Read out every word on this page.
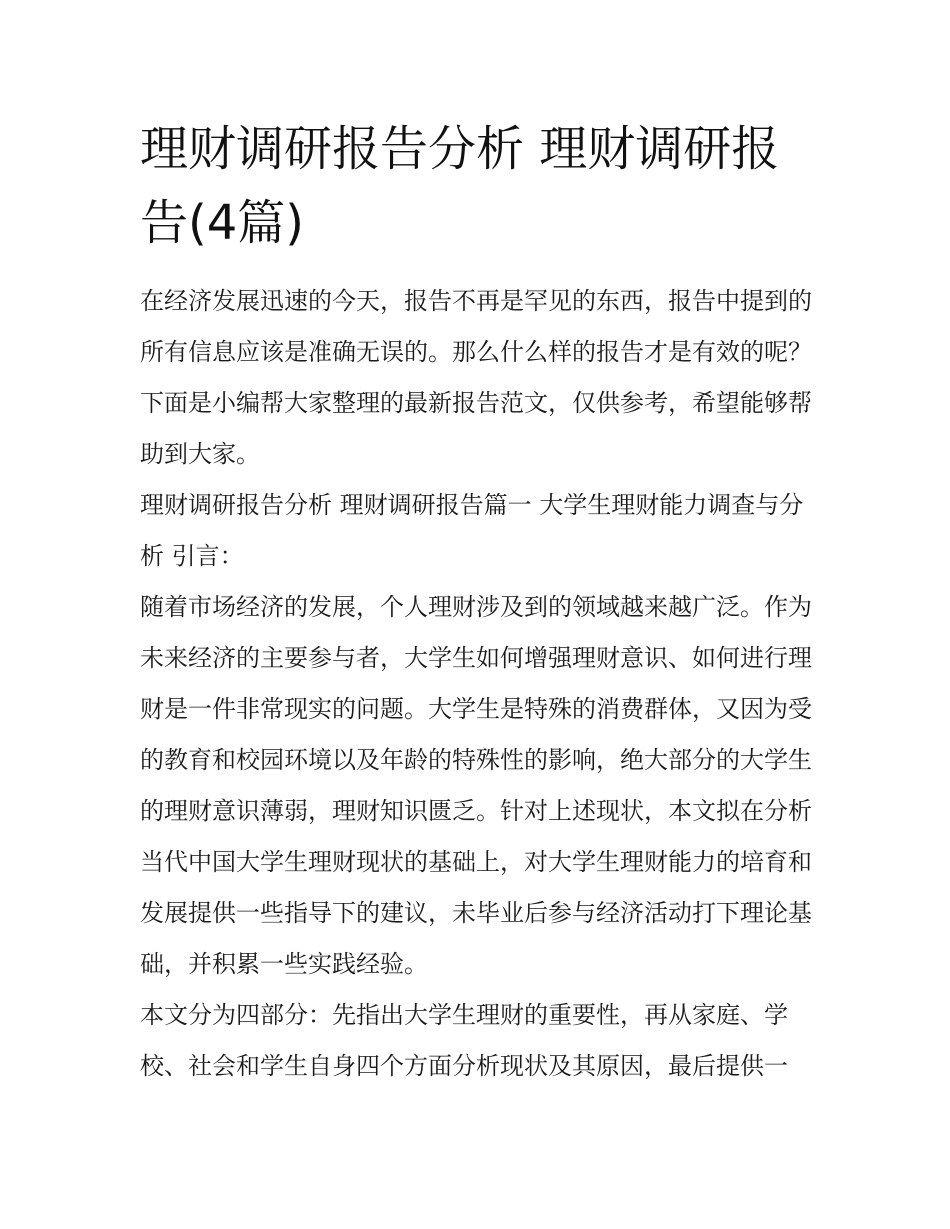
理财调研报告分析 理财调研报告(4篇)

在经济发展迅速的今天，报告不再是罕见的东西，报告中提到的所有信息应该是准确无误的。那么什么样的报告才是有效的呢？下面是小编帮大家整理的最新报告范文，仅供参考，希望能够帮助到大家。

理财调研报告分析 理财调研报告篇一 大学生理财能力调查与分析 引言：

随着市场经济的发展，个人理财涉及到的领域越来越广泛。作为未来经济的主要参与者，大学生如何增强理财意识、如何进行理财是一件非常现实的问题。大学生是特殊的消费群体，又因为受的教育和校园环境以及年龄的特殊性的影响，绝大部分的大学生的理财意识薄弱，理财知识匮乏。针对上述现状，本文拟在分析当代中国大学生理财现状的基础上，对大学生理财能力的培育和发展提供一些指导下的建议，未毕业后参与经济活动打下理论基础，并积累一些实践经验。

本文分为四部分：先指出大学生理财的重要性，再从家庭、学校、社会和学生自身四个方面分析现状及其原因，最后提供一
